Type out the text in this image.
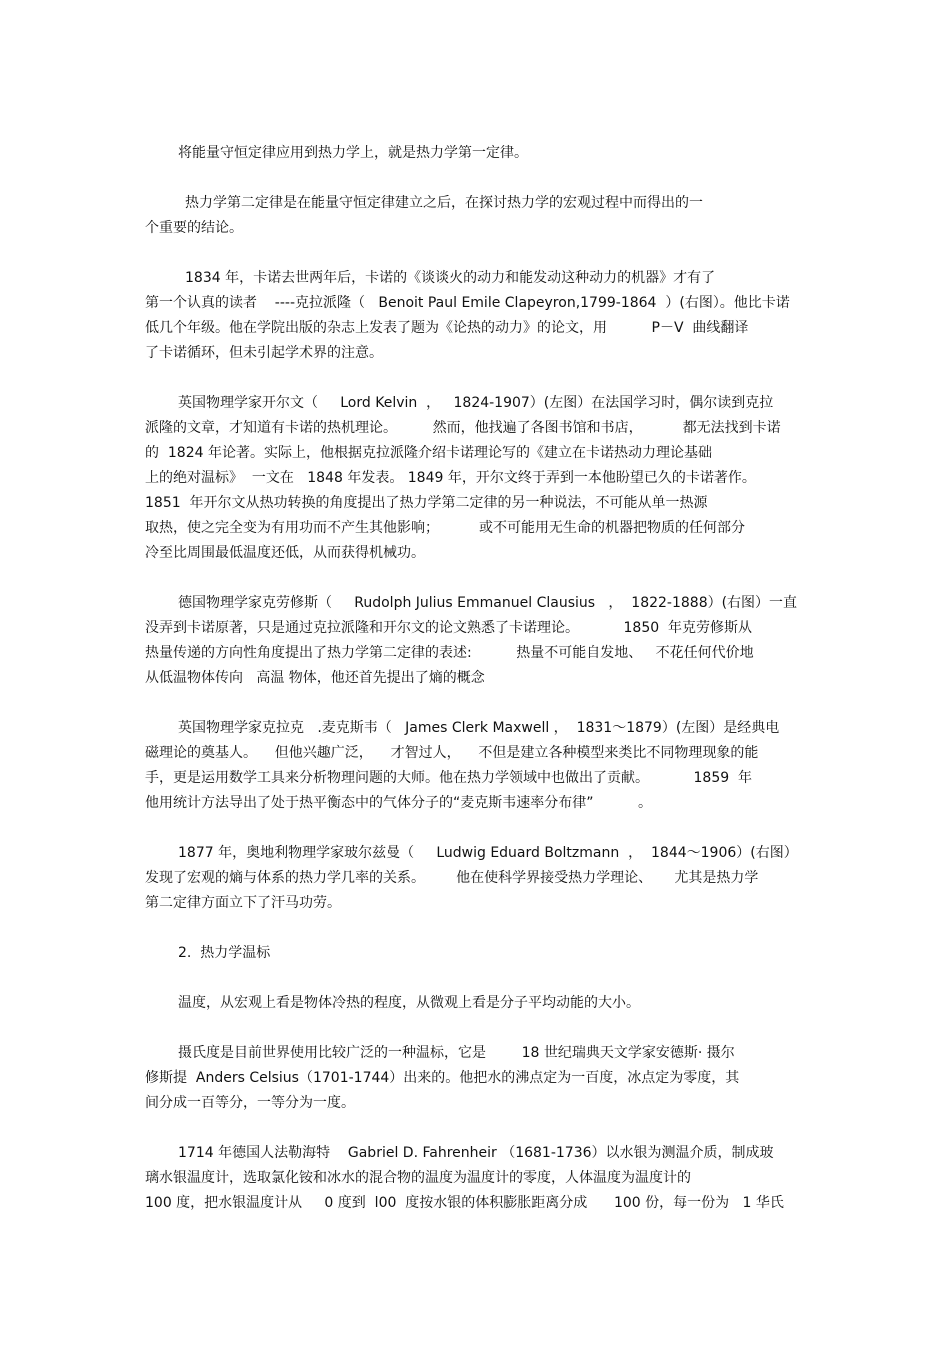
将能量守恒定律应用到热力学上，就是热力学第一定律。
热力学第二定律是在能量守恒定律建立之后，在探讨热力学的宏观过程中而得出的一
个重要的结论。
1834 年，卡诺去世两年后，卡诺的《谈谈火的动力和能发动这种动力的机器》才有了
第一个认真的读者    ----克拉派隆（   Benoit Paul Emile Clapeyron,1799-1864  ）(右图）。他比卡诺
低几个年级。他在学院出版的杂志上发表了题为《论热的动力》的论文，用          P－V  曲线翻译
了卡诺循环，但未引起学术界的注意。
英国物理学家开尔文（     Lord Kelvin  ，   1824-1907）(左图）在法国学习时，偶尔读到克拉
派隆的文章，才知道有卡诺的热机理论。        然而，他找遍了各图书馆和书店，         都无法找到卡诺
的  1824 年论著。实际上，他根据克拉派隆介绍卡诺理论写的《建立在卡诺热动力理论基础
上的绝对温标》  一文在   1848 年发表。 1849 年，开尔文终于弄到一本他盼望已久的卡诺著作。
1851  年开尔文从热功转换的角度提出了热力学第二定律的另一种说法，不可能从单一热源
取热，使之完全变为有用功而不产生其他影响；         或不可能用无生命的机器把物质的任何部分
冷至比周围最低温度还低，从而获得机械功。
德国物理学家克劳修斯（     Rudolph Julius Emmanuel Clausius   ，  1822-1888）(右图）一直
没弄到卡诺原著，只是通过克拉派隆和开尔文的论文熟悉了卡诺理论。          1850  年克劳修斯从
热量传递的方向性角度提出了热力学第二定律的表述:          热量不可能自发地、   不花任何代价地
从低温物体传向   高温 物体，他还首先提出了熵的概念
英国物理学家克拉克   .麦克斯韦（   James Clerk Maxwell ，  1831～1879）(左图）是经典电
磁理论的奠基人。    但他兴趣广泛，    才智过人，    不但是建立各种模型来类比不同物理现象的能
手，更是运用数学工具来分析物理问题的大师。他在热力学领域中也做出了贡献。          1859  年
他用统计方法导出了处于热平衡态中的气体分子的“麦克斯韦速率分布律”          。
1877 年，奥地利物理学家玻尔兹曼（     Ludwig Eduard Boltzmann  ，  1844～1906）(右图）
发现了宏观的熵与体系的热力学几率的关系。       他在使科学界接受热力学理论、     尤其是热力学
第二定律方面立下了汗马功劳。
2.  热力学温标
温度，从宏观上看是物体冷热的程度，从微观上看是分子平均动能的大小。
摄氏度是目前世界使用比较广泛的一种温标，它是        18 世纪瑞典天文学家安德斯· 摄尔
修斯提  Anders Celsius（1701-1744）出来的。他把水的沸点定为一百度，冰点定为零度，其
间分成一百等分，一等分为一度。
1714 年德国人法勒海特    Gabriel D. Fahrenheir （1681-1736）以水银为测温介质，制成玻
璃水银温度计，选取氯化铵和冰水的混合物的温度为温度计的零度，人体温度为温度计的
100 度，把水银温度计从     0 度到  l00  度按水银的体积膨胀距离分成      100 份，每一份为   1 华氏
